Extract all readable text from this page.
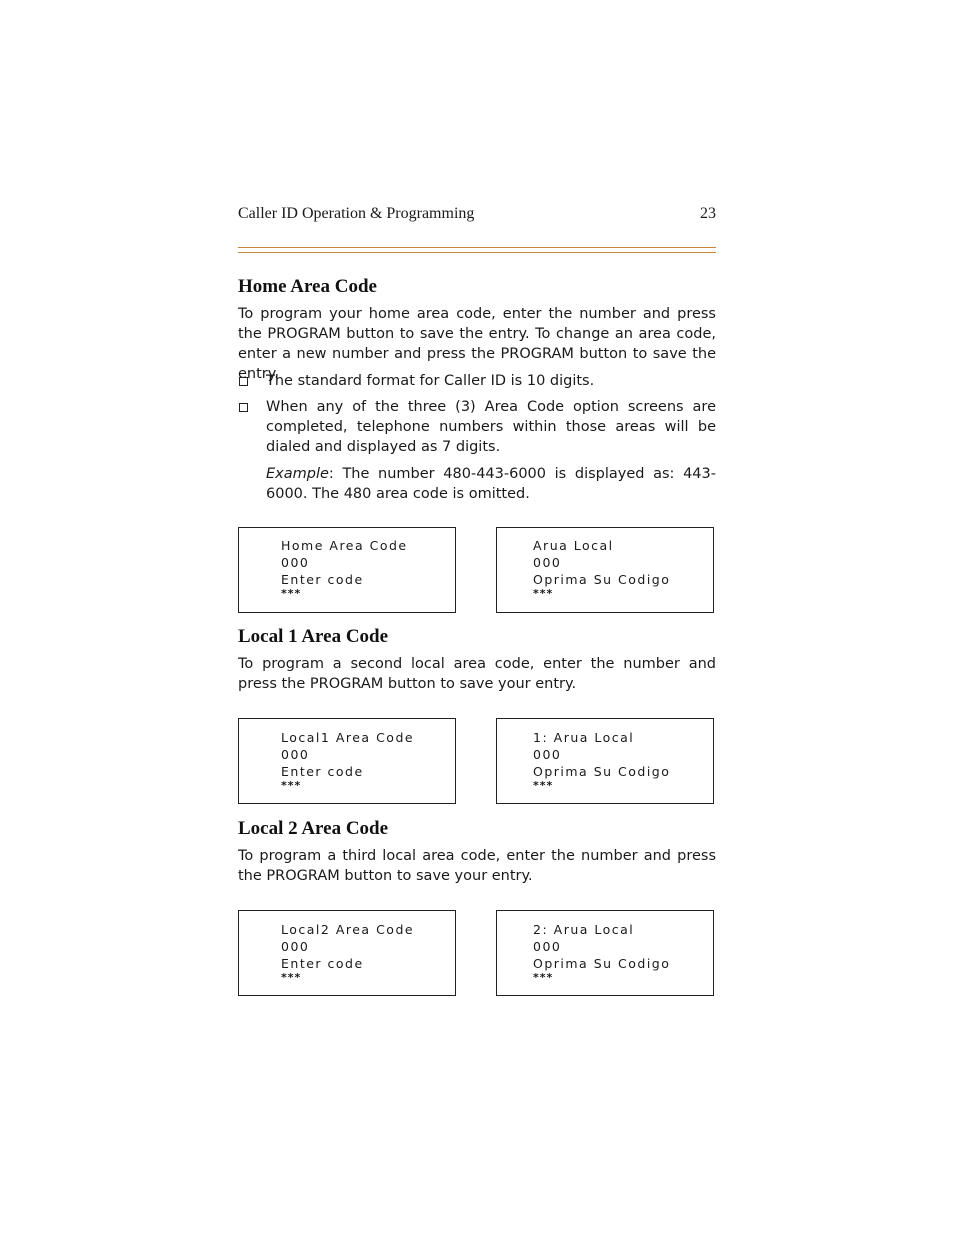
Caller ID Operation & Programming	23
Home Area Code

To program your home area code, enter the number and press the PROGRAM button to save the entry. To change an area code, enter a new number and press the PROGRAM button to save the entry.

The standard format for Caller ID is 10 digits.

When any of the three (3) Area Code option screens are completed, telephone numbers within those areas will be dialed and displayed as 7 digits.

Example: The number 480-443-6000 is displayed as: 443-6000. The 480 area code is omitted.

Home Area Code
000
Enter code
***
Arua Local
000
Oprima Su Codigo
***
Local 1 Area Code

To program a second local area code, enter the number and press the PROGRAM button to save your entry.

Local1 Area Code
000
Enter code
***
1: Arua Local
000
Oprima Su Codigo
***
Local 2 Area Code

To program a third local area code, enter the number and press the PROGRAM button to save your entry.

Local2 Area Code
000
Enter code
***
2: Arua Local
000
Oprima Su Codigo
***
